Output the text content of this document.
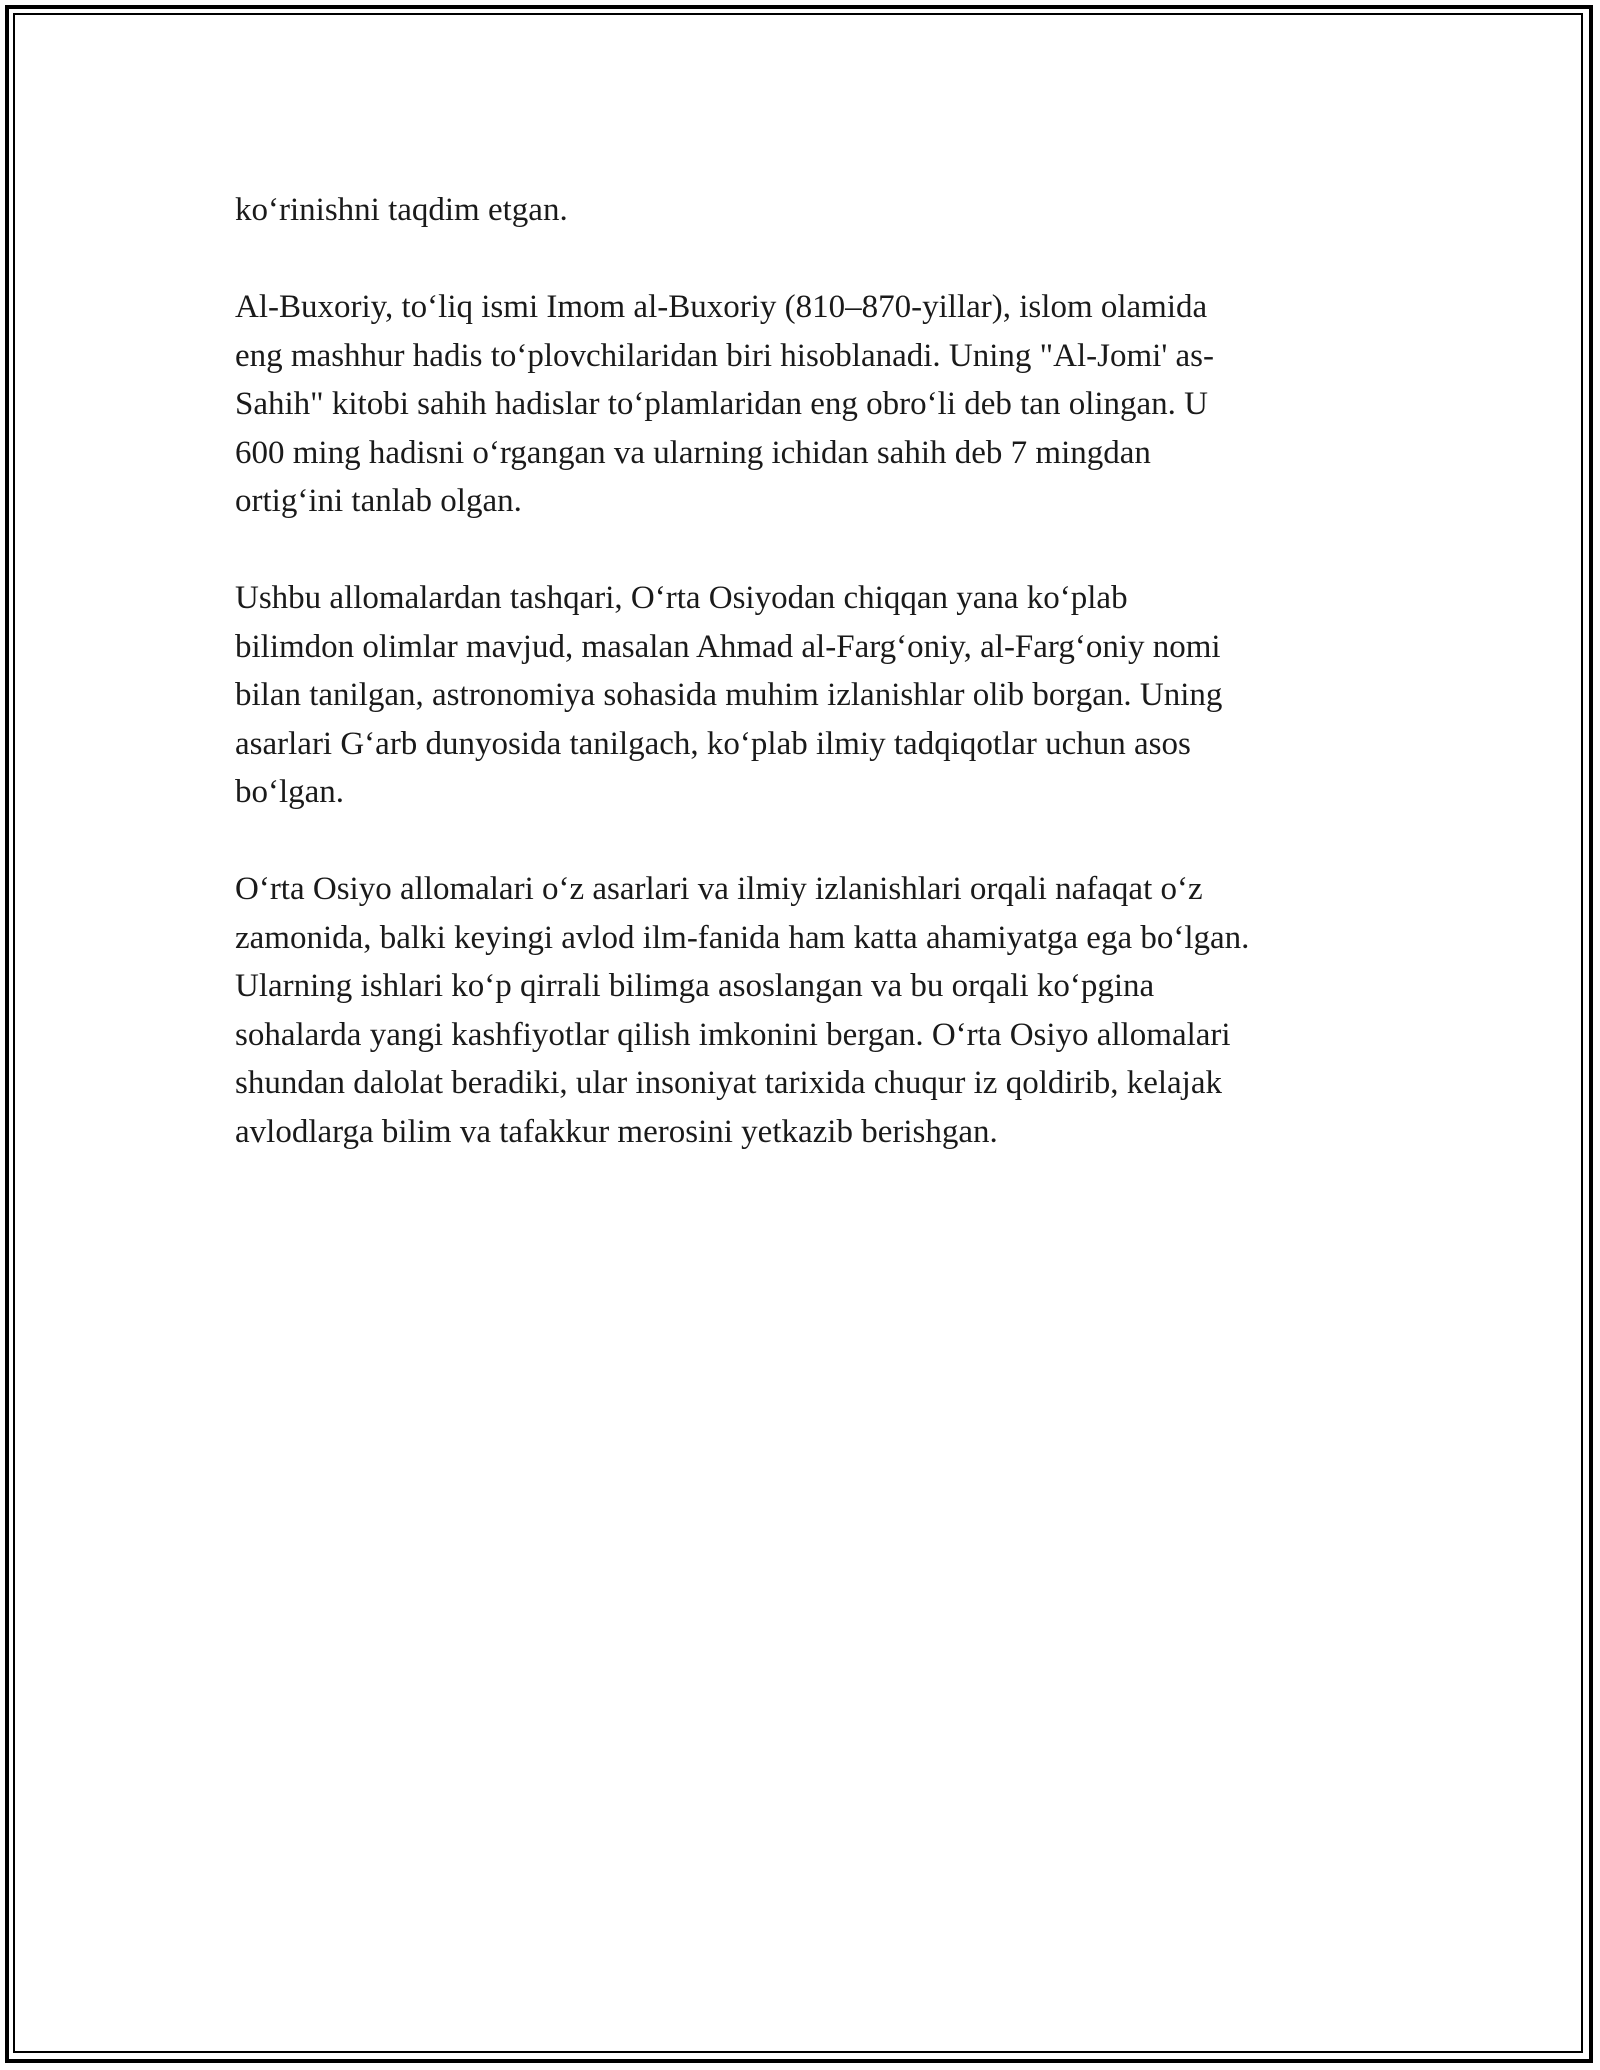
ko‘rinishni taqdim etgan.

Al-Buxoriy, to‘liq ismi Imom al-Buxoriy (810–870-yillar), islom olamida
eng mashhur hadis to‘plovchilaridan biri hisoblanadi. Uning "Al-Jomi' as-
Sahih" kitobi sahih hadislar to‘plamlaridan eng obro‘li deb tan olingan. U
600 ming hadisni o‘rgangan va ularning ichidan sahih deb 7 mingdan
ortig‘ini tanlab olgan.

Ushbu allomalardan tashqari, O‘rta Osiyodan chiqqan yana ko‘plab
bilimdon olimlar mavjud, masalan Ahmad al-Farg‘oniy, al-Farg‘oniy nomi
bilan tanilgan, astronomiya sohasida muhim izlanishlar olib borgan. Uning
asarlari G‘arb dunyosida tanilgach, ko‘plab ilmiy tadqiqotlar uchun asos
bo‘lgan.

O‘rta Osiyo allomalari o‘z asarlari va ilmiy izlanishlari orqali nafaqat o‘z
zamonida, balki keyingi avlod ilm-fanida ham katta ahamiyatga ega bo‘lgan.
Ularning ishlari ko‘p qirrali bilimga asoslangan va bu orqali ko‘pgina
sohalarda yangi kashfiyotlar qilish imkonini bergan. O‘rta Osiyo allomalari
shundan dalolat beradiki, ular insoniyat tarixida chuqur iz qoldirib, kelajak
avlodlarga bilim va tafakkur merosini yetkazib berishgan.
